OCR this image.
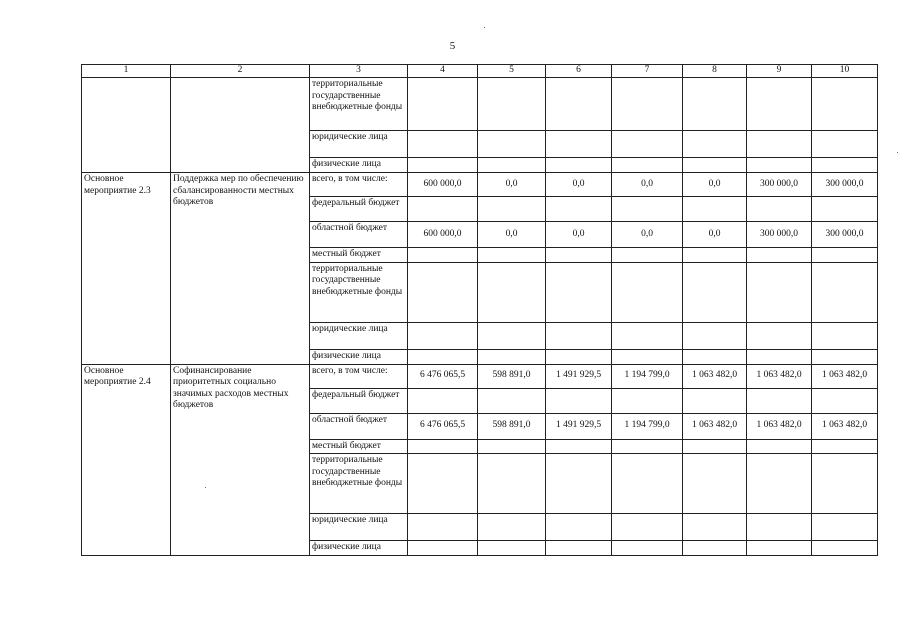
5
1	2	3	4	5	6	7	8	9	10
		территориальные государственные внебюджетные фонды							
		юридические лица							
		физические лица							
Основное мероприятие 2.3	Поддержка мер по обеспечению сбалансированности местных бюджетов	всего, в том числе:	600 000,0	0,0	0,0	0,0	0,0	300 000,0	300 000,0
		федеральный бюджет							
		областной бюджет	600 000,0	0,0	0,0	0,0	0,0	300 000,0	300 000,0
		местный бюджет							
		территориальные государственные внебюджетные фонды							
		юридические лица							
		физические лица							
Основное мероприятие 2.4	Софинансирование приоритетных социально значимых расходов местных бюджетов	всего, в том числе:	6 476 065,5	598 891,0	1 491 929,5	1 194 799,0	1 063 482,0	1 063 482,0	1 063 482,0
		федеральный бюджет							
		областной бюджет	6 476 065,5	598 891,0	1 491 929,5	1 194 799,0	1 063 482,0	1 063 482,0	1 063 482,0
		местный бюджет							
		территориальные государственные внебюджетные фонды							
		юридические лица							
		физические лица							
